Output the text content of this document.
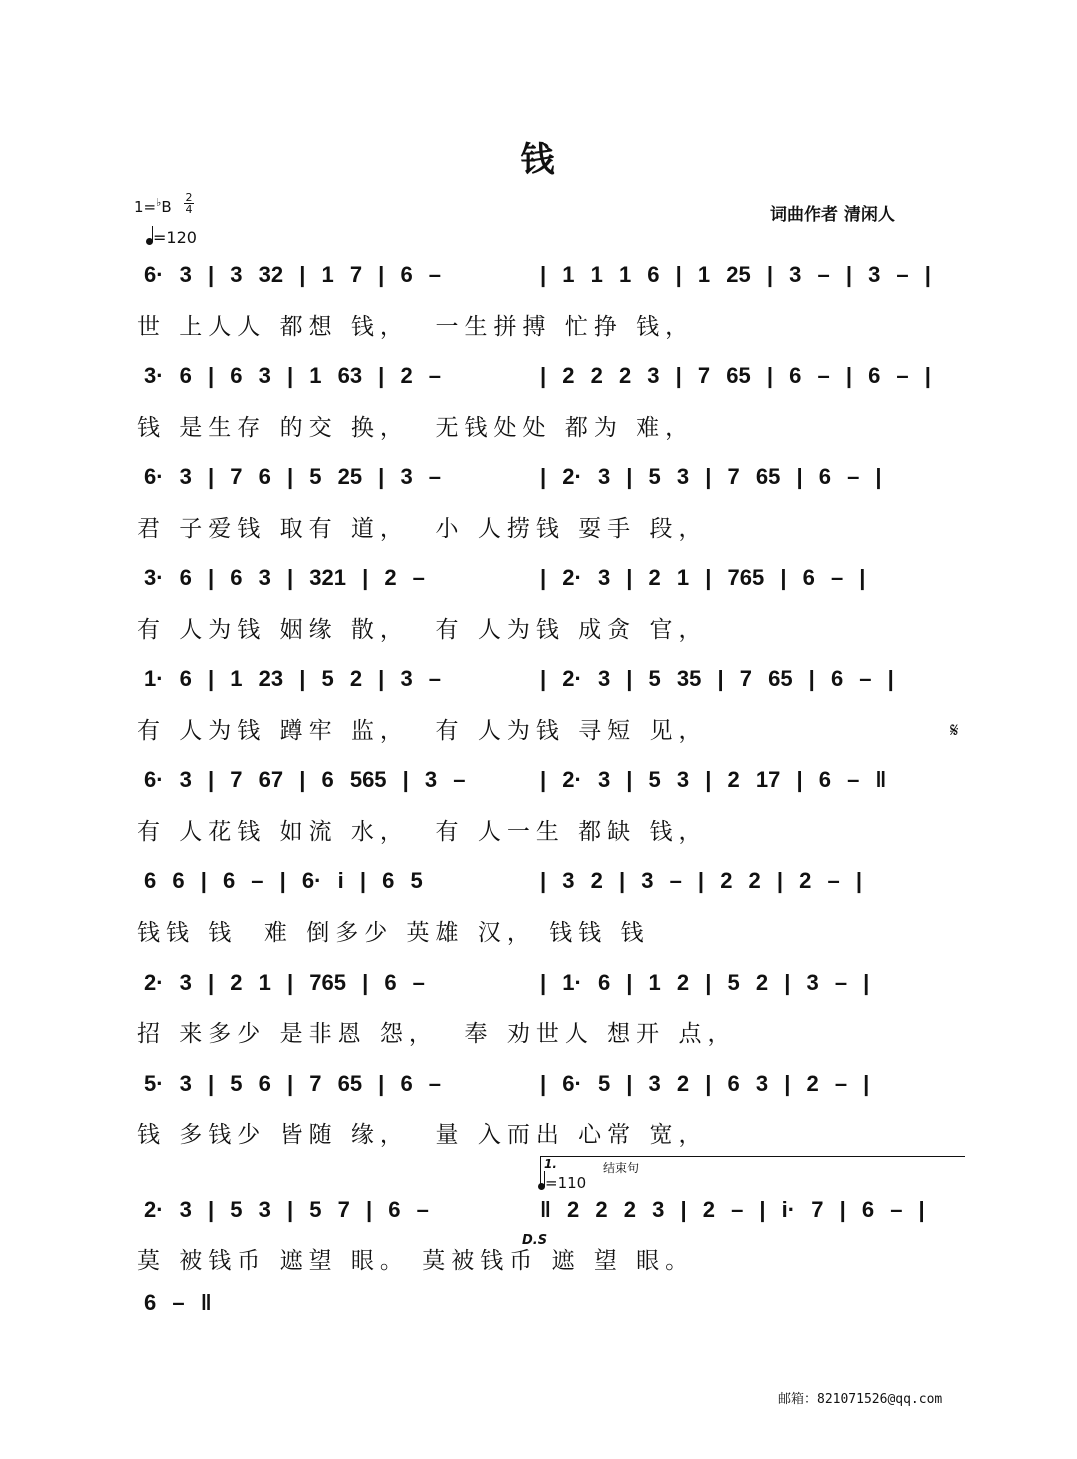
钱
1=♭B
2
4
=120
词曲作者 清闲人
6· 3 | 3 32 | 1 7 | 6 –	| 1 1 1 6 | 1 25 | 3 – | 3 – |
世 上人人 都想 钱，  一生拼搏 忙挣 钱，
3· 6 | 6 3 | 1 63 | 2 –	| 2 2 2 3 | 7 65 | 6 – | 6 – |
钱 是生存 的交 换，  无钱处处 都为 难，
6· 3 | 7 6 | 5 25 | 3 –	| 2· 3 | 5 3 | 7 65 | 6 – |
君 子爱钱 取有 道，  小 人捞钱 耍手 段，
3· 6 | 6 3 | 321 | 2 –	| 2· 3 | 2 1 | 765 | 6 – |
有 人为钱 姻缘 散，  有 人为钱 成贪 官，
1· 6 | 1 23 | 5 2 | 3 –	| 2· 3 | 5 35 | 7 65 | 6 – |
有 人为钱 蹲牢 监，  有 人为钱 寻短 见，
6· 3 | 7 67 | 6 565 | 3 –	| 2· 3 | 5 3 | 2 17 | 6 – ‖
有 人花钱 如流 水，  有 人一生 都缺 钱，
6 6 | 6 – | 6· i | 6 5	| 3 2 | 3 – | 2 2 | 2 – |
钱钱 钱  难 倒多少 英雄 汉， 钱钱 钱
2· 3 | 2 1 | 765 | 6 –	| 1· 6 | 1 2 | 5 2 | 3 – |
招 来多少 是非恩 怨，  奉 劝世人 想开 点，
5· 3 | 5 6 | 7 65 | 6 –	| 6· 5 | 3 2 | 6 3 | 2 – |
钱 多钱少 皆随 缘，  量 入而出 心常 宽，
2· 3 | 5 3 | 5 7 | 6 –	‖ 2 2 2 3 | 2 – | i· 7 | 6 – |
莫 被钱币 遮望 眼。 莫被钱币 遮 望 眼。
6 – ‖
𝄋
1.	结束句
=110
D.S
邮箱：821071526@qq.com
